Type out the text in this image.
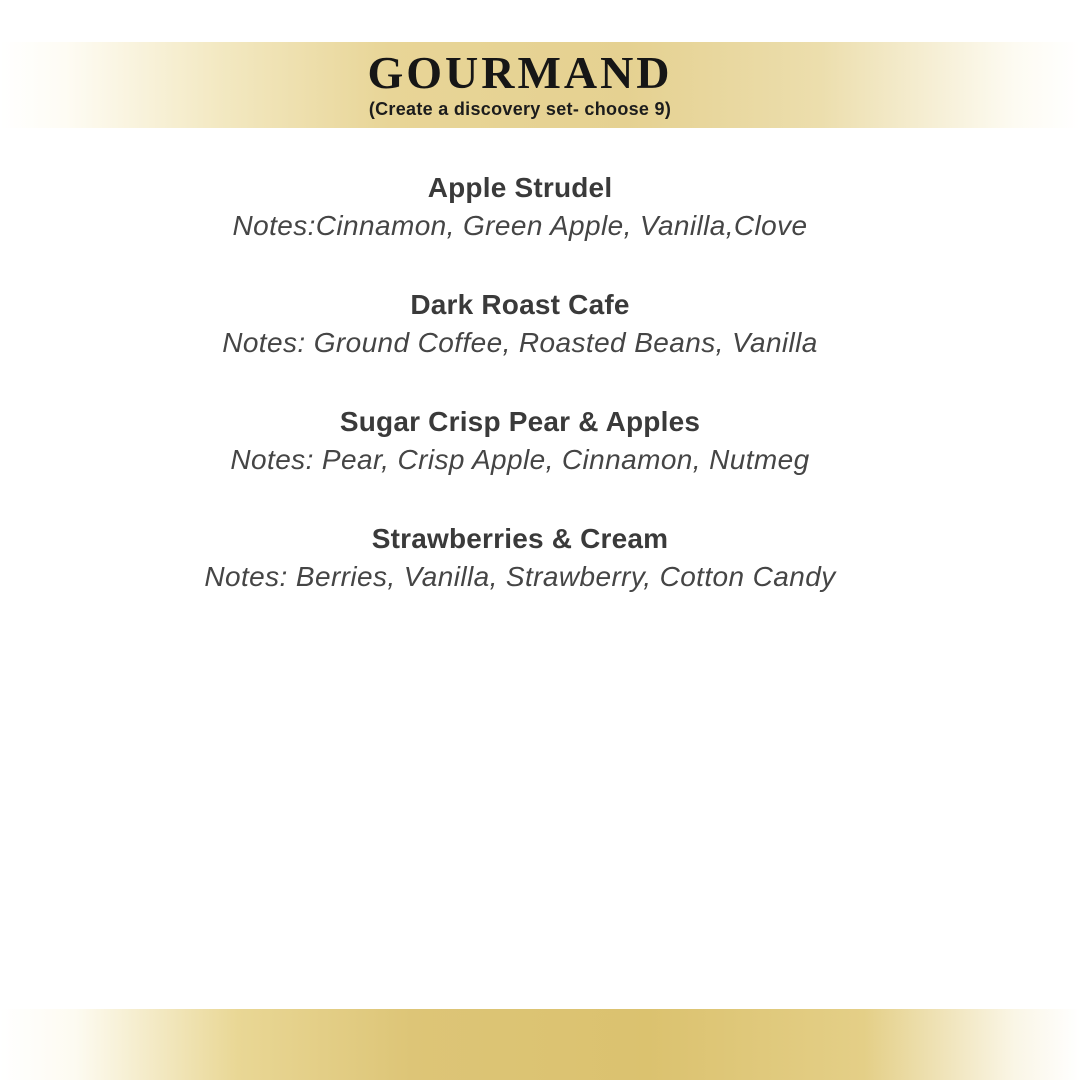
GOURMAND
(Create a discovery set- choose 9)
Apple Strudel

Notes:Cinnamon, Green Apple, Vanilla,Clove

Dark Roast Cafe

Notes: Ground Coffee, Roasted Beans, Vanilla

Sugar Crisp Pear & Apples

Notes: Pear, Crisp Apple, Cinnamon, Nutmeg

Strawberries & Cream

Notes: Berries, Vanilla, Strawberry, Cotton Candy
